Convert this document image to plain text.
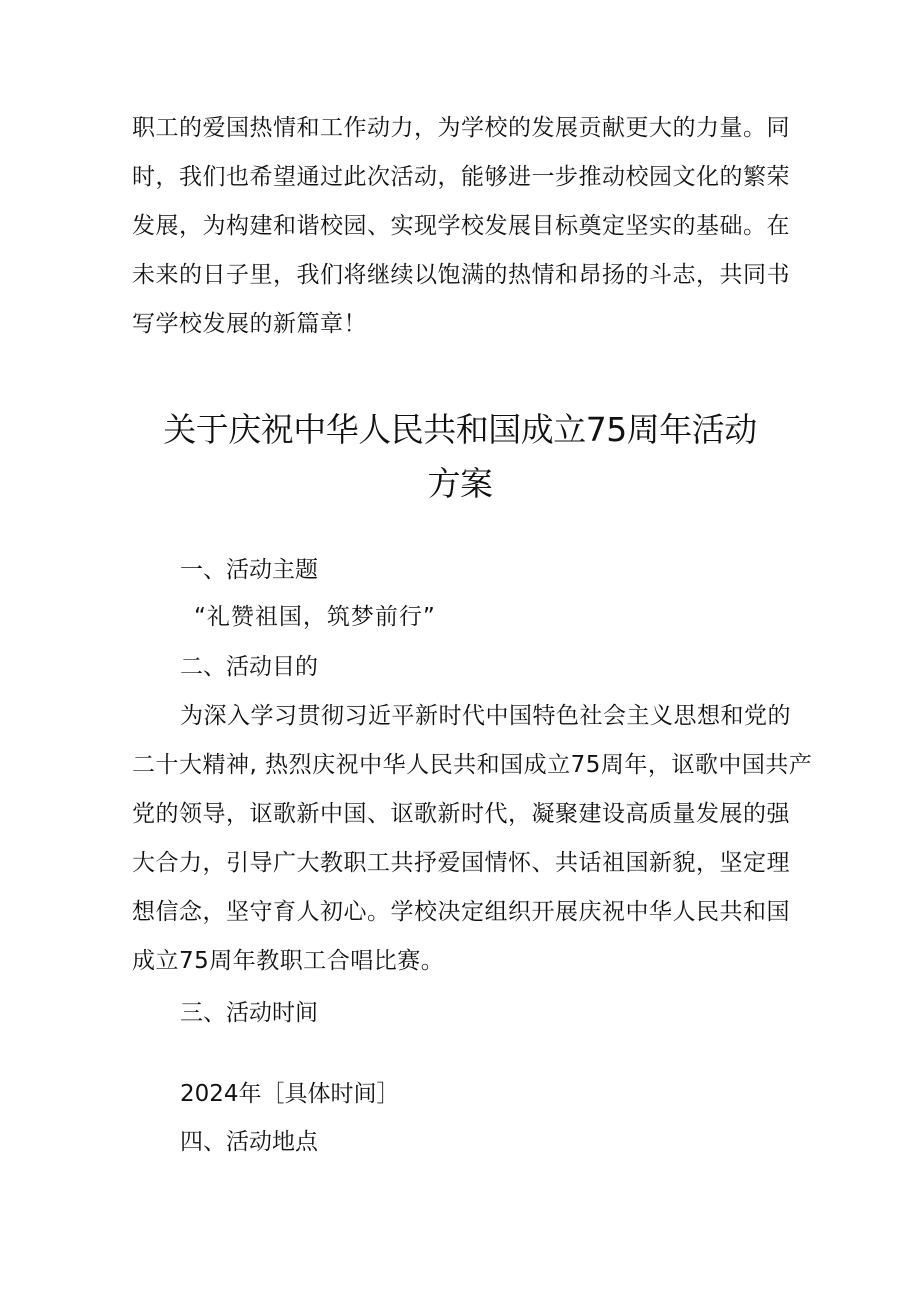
职工的爱国热情和工作动力，为学校的发展贡献更大的力量。同
时，我们也希望通过此次活动，能够进一步推动校园文化的繁荣
发展，为构建和谐校园、实现学校发展目标奠定坚实的基础。在
未来的日子里，我们将继续以饱满的热情和昂扬的斗志，共同书
写学校发展的新篇章！
关于庆祝中华人民共和国成立75周年活动
方案
一、活动主题

“礼赞祖国，筑梦前行”

二、活动目的
为深入学习贯彻习近平新时代中国特色社会主义思想和党的
二十大精神, 热烈庆祝中华人民共和国成立75周年，讴歌中国共产
党的领导，讴歌新中国、讴歌新时代，凝聚建设高质量发展的强
大合力，引导广大教职工共抒爱国情怀、共话祖国新貌，坚定理
想信念，坚守育人初心。学校决定组织开展庆祝中华人民共和国
成立75周年教职工合唱比赛。
三、活动时间

2024年［具体时间］

四、活动地点
